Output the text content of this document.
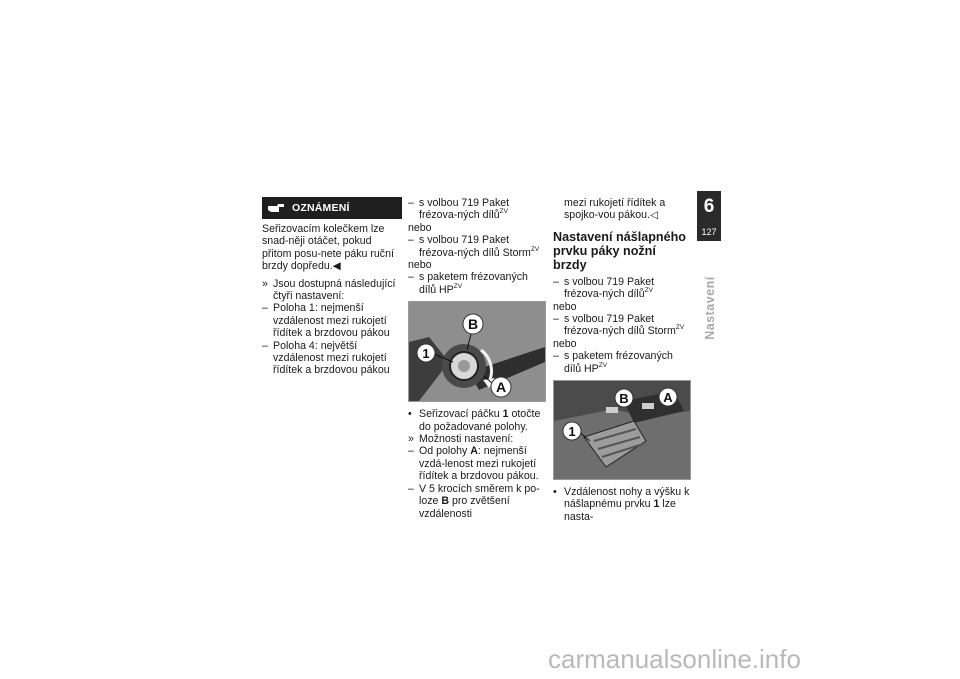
OZNÁMENÍ

Seřizovacím kolečkem lze snad-něji otáčet, pokud přitom posu-nete páku ruční brzdy dopředu.◀

» Jsou dostupná následující čtyři nastavení:
– Poloha 1: nejmenší vzdálenost mezi rukojetí řídítek a brzdovou pákou
– Poloha 4: největší vzdálenost mezi rukojetí řídítek a brzdovou pákou
– s volbou 719 Paket frézova-ných dílů$^{ZV}$

nebo

– s volbou 719 Paket frézova-ných dílů Storm$^{ZV}$

nebo

– s paketem frézovaných dílů $HP^{ZV}$
B
1
A
• Seřizovací páčku 1 otočte do požadované polohy.
» Možnosti nastavení:
– Od polohy A: nejmenší vzdá-lenost mezi rukojetí řídítek a brzdovou pákou.
– V 5 krocích směrem k po-loze B pro zvětšení vzdálenosti

mezi rukojetí řídítek a spojko-vou pákou.◁

Nastavení nášlapného prvku páky nožní brzdy
– s volbou 719 Paket frézova-ných dílů$^{ZV}$

nebo

– s volbou 719 Paket frézova-ných dílů Storm$^{ZV}$

nebo

– s paketem frézovaných dílů $HP^{ZV}$
B	A
1
• Vzdálenost nohy a výšku k nášlapnému prvku 1 lze nasta-
6
127
Nastavení
carmanualsonline.info
